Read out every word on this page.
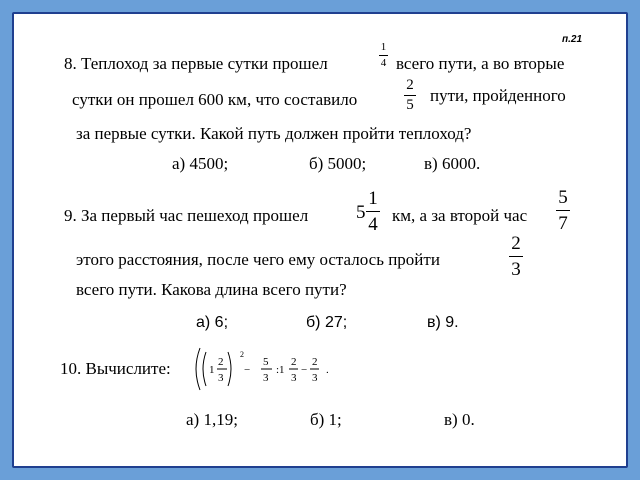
п.21
8. Теплоход за первые сутки прошел
1
4 всего пути, а во вторые
сутки он прошел 600 км, что составило
2
5 пути, пройденного
за первые сутки. Какой путь должен пройти теплоход?
а) 4500;	б) 5000;	в) 6000.
9. За первый час пешеход прошел	5
1
4 км, а за второй час
5
7
этого расстояния, после чего ему осталось пройти
2
3
всего пути. Какова длина всего пути?
а) 6;	б) 27;	в) 9.
10. Вычислите:	1
2
3
2
−
5
3
:1
2
3
−
2
3
.
а) 1,19;	б) 1;	в) 0.
